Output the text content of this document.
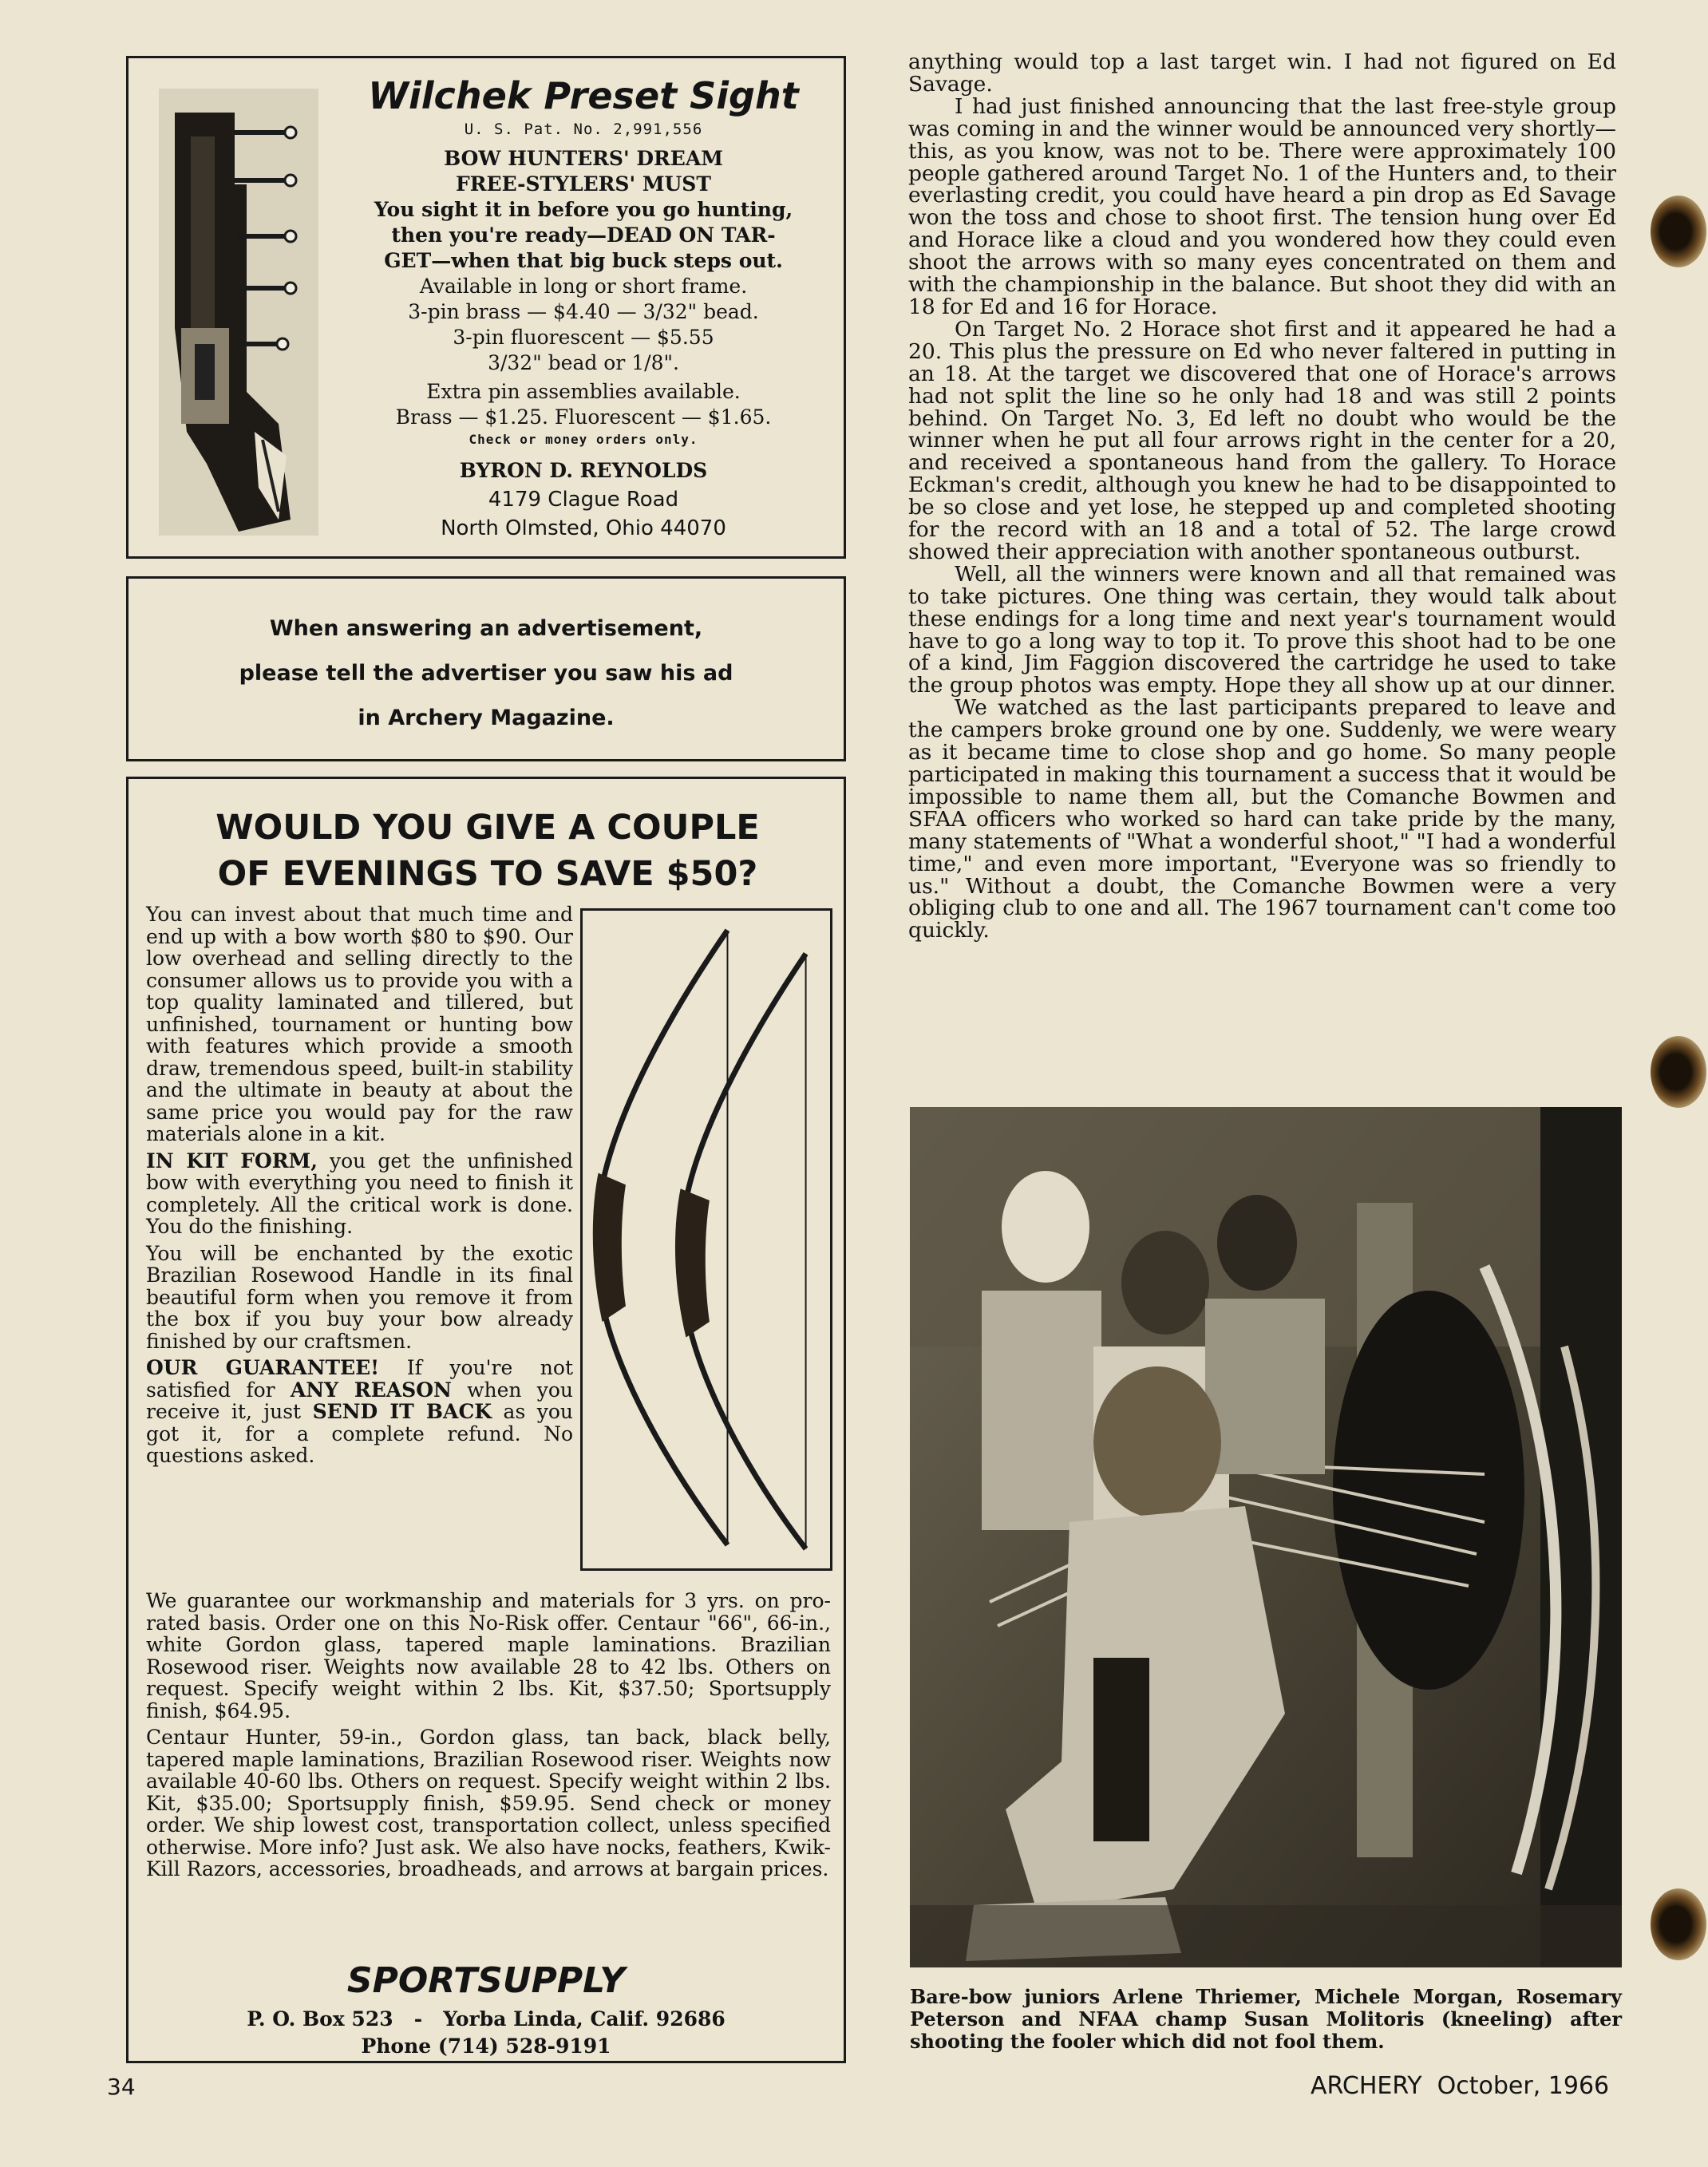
Wilchek Preset Sight
U. S. Pat. No. 2,991,556
BOW HUNTERS' DREAM
FREE-STYLERS' MUST
You sight it in before you go hunting,
then you're ready—DEAD ON TAR-
GET—when that big buck steps out.
Available in long or short frame.
3-pin brass — $4.40 — 3/32" bead.
3-pin fluorescent — $5.55
3/32" bead or 1/8".
Extra pin assemblies available.
Brass — $1.25. Fluorescent — $1.65.
Check or money orders only.
BYRON D. REYNOLDS
4179 Clague Road
North Olmsted, Ohio 44070
When answering an advertisement,
please tell the advertiser you saw his ad
in Archery Magazine.
WOULD YOU GIVE A COUPLE
OF EVENINGS TO SAVE $50?

You can invest about that much time and end up with a bow worth $80 to $90. Our low overhead and selling directly to the consumer allows us to provide you with a top quality laminated and tillered, but unfinished, tournament or hunting bow with features which provide a smooth draw, tremendous speed, built-in stability and the ultimate in beauty at about the same price you would pay for the raw materials alone in a kit.

IN KIT FORM, you get the unfinished bow with everything you need to finish it completely. All the critical work is done. You do the finishing.

You will be enchanted by the exotic Brazilian Rosewood Handle in its final beautiful form when you remove it from the box if you buy your bow already finished by our craftsmen.

OUR GUARANTEE! If you're not satisfied for ANY REASON when you receive it, just SEND IT BACK as you got it, for a complete refund. No questions asked.

We guarantee our workmanship and materials for 3 yrs. on pro-rated basis. Order one on this No-Risk offer. Centaur "66", 66-in., white Gordon glass, tapered maple laminations. Brazilian Rosewood riser. Weights now available 28 to 42 lbs. Others on request. Specify weight within 2 lbs. Kit, $37.50; Sportsupply finish, $64.95.

Centaur Hunter, 59-in., Gordon glass, tan back, black belly, tapered maple laminations, Brazilian Rosewood riser. Weights now available 40-60 lbs. Others on request. Specify weight within 2 lbs. Kit, $35.00; Sportsupply finish, $59.95. Send check or money order. We ship lowest cost, transportation collect, unless specified otherwise. More info? Just ask. We also have nocks, feathers, Kwik-Kill Razors, accessories, broadheads, and arrows at bargain prices.

SPORTSUPPLY
P. O. Box 523   -   Yorba Linda, Calif. 92686
Phone (714) 528-9191

anything would top a last target win. I had not figured on Ed Savage.

I had just finished announcing that the last free-style group was coming in and the winner would be announced very shortly—this, as you know, was not to be. There were approximately 100 people gathered around Target No. 1 of the Hunters and, to their everlasting credit, you could have heard a pin drop as Ed Savage won the toss and chose to shoot first. The tension hung over Ed and Horace like a cloud and you wondered how they could even shoot the arrows with so many eyes concentrated on them and with the championship in the balance. But shoot they did with an 18 for Ed and 16 for Horace.

On Target No. 2 Horace shot first and it appeared he had a 20. This plus the pressure on Ed who never faltered in putting in an 18. At the target we discovered that one of Horace's arrows had not split the line so he only had 18 and was still 2 points behind. On Target No. 3, Ed left no doubt who would be the winner when he put all four arrows right in the center for a 20, and received a spontaneous hand from the gallery. To Horace Eckman's credit, although you knew he had to be disappointed to be so close and yet lose, he stepped up and completed shooting for the record with an 18 and a total of 52. The large crowd showed their appreciation with another spontaneous outburst.

Well, all the winners were known and all that remained was to take pictures. One thing was certain, they would talk about these endings for a long time and next year's tournament would have to go a long way to top it. To prove this shoot had to be one of a kind, Jim Faggion discovered the cartridge he used to take the group photos was empty. Hope they all show up at our dinner.

We watched as the last participants prepared to leave and the campers broke ground one by one. Suddenly, we were weary as it became time to close shop and go home. So many people participated in making this tournament a success that it would be impossible to name them all, but the Comanche Bowmen and SFAA officers who worked so hard can take pride by the many, many statements of "What a wonderful shoot," "I had a wonderful time," and even more important, "Everyone was so friendly to us." Without a doubt, the Comanche Bowmen were a very obliging club to one and all. The 1967 tournament can't come too quickly.

Bare-bow juniors Arlene Thriemer, Michele Morgan, Rosemary Peterson and NFAA champ Susan Molitoris (kneeling) after shooting the fooler which did not fool them.
34	ARCHERY  October, 1966
